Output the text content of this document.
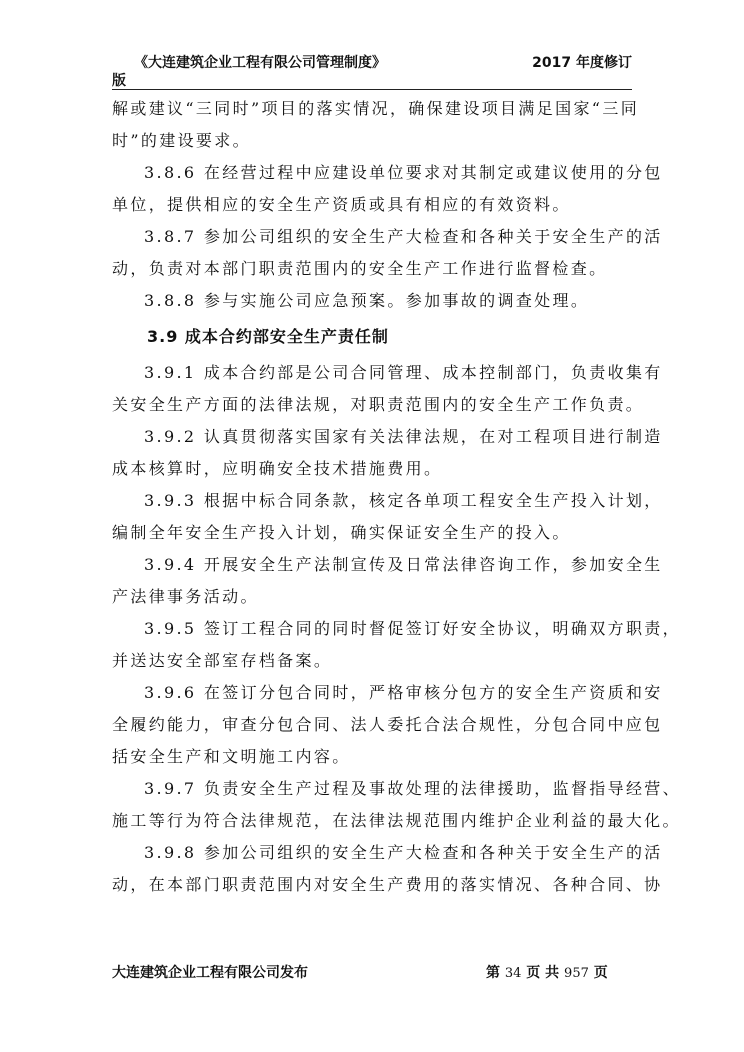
《大连建筑企业工程有限公司管理制度》	2017 年度修订
版

解或建议“三同时”项目的落实情况，确保建设项目满足国家“三同
时”的建设要求。

3.8.6 在经营过程中应建设单位要求对其制定或建议使用的分包
单位，提供相应的安全生产资质或具有相应的有效资料。

3.8.7 参加公司组织的安全生产大检查和各种关于安全生产的活
动，负责对本部门职责范围内的安全生产工作进行监督检查。

3.8.8 参与实施公司应急预案。参加事故的调查处理。

3.9 成本合约部安全生产责任制

3.9.1 成本合约部是公司合同管理、成本控制部门，负责收集有
关安全生产方面的法律法规，对职责范围内的安全生产工作负责。

3.9.2 认真贯彻落实国家有关法律法规，在对工程项目进行制造
成本核算时，应明确安全技术措施费用。

3.9.3 根据中标合同条款，核定各单项工程安全生产投入计划，
编制全年安全生产投入计划，确实保证安全生产的投入。

3.9.4 开展安全生产法制宣传及日常法律咨询工作，参加安全生
产法律事务活动。

3.9.5 签订工程合同的同时督促签订好安全协议，明确双方职责，
并送达安全部室存档备案。

3.9.6 在签订分包合同时，严格审核分包方的安全生产资质和安
全履约能力，审查分包合同、法人委托合法合规性，分包合同中应包
括安全生产和文明施工内容。

3.9.7 负责安全生产过程及事故处理的法律援助，监督指导经营、
施工等行为符合法律规范，在法律法规范围内维护企业利益的最大化。

3.9.8 参加公司组织的安全生产大检查和各种关于安全生产的活
动，在本部门职责范围内对安全生产费用的落实情况、各种合同、协

大连建筑企业工程有限公司发布	第 34 页 共 957 页
